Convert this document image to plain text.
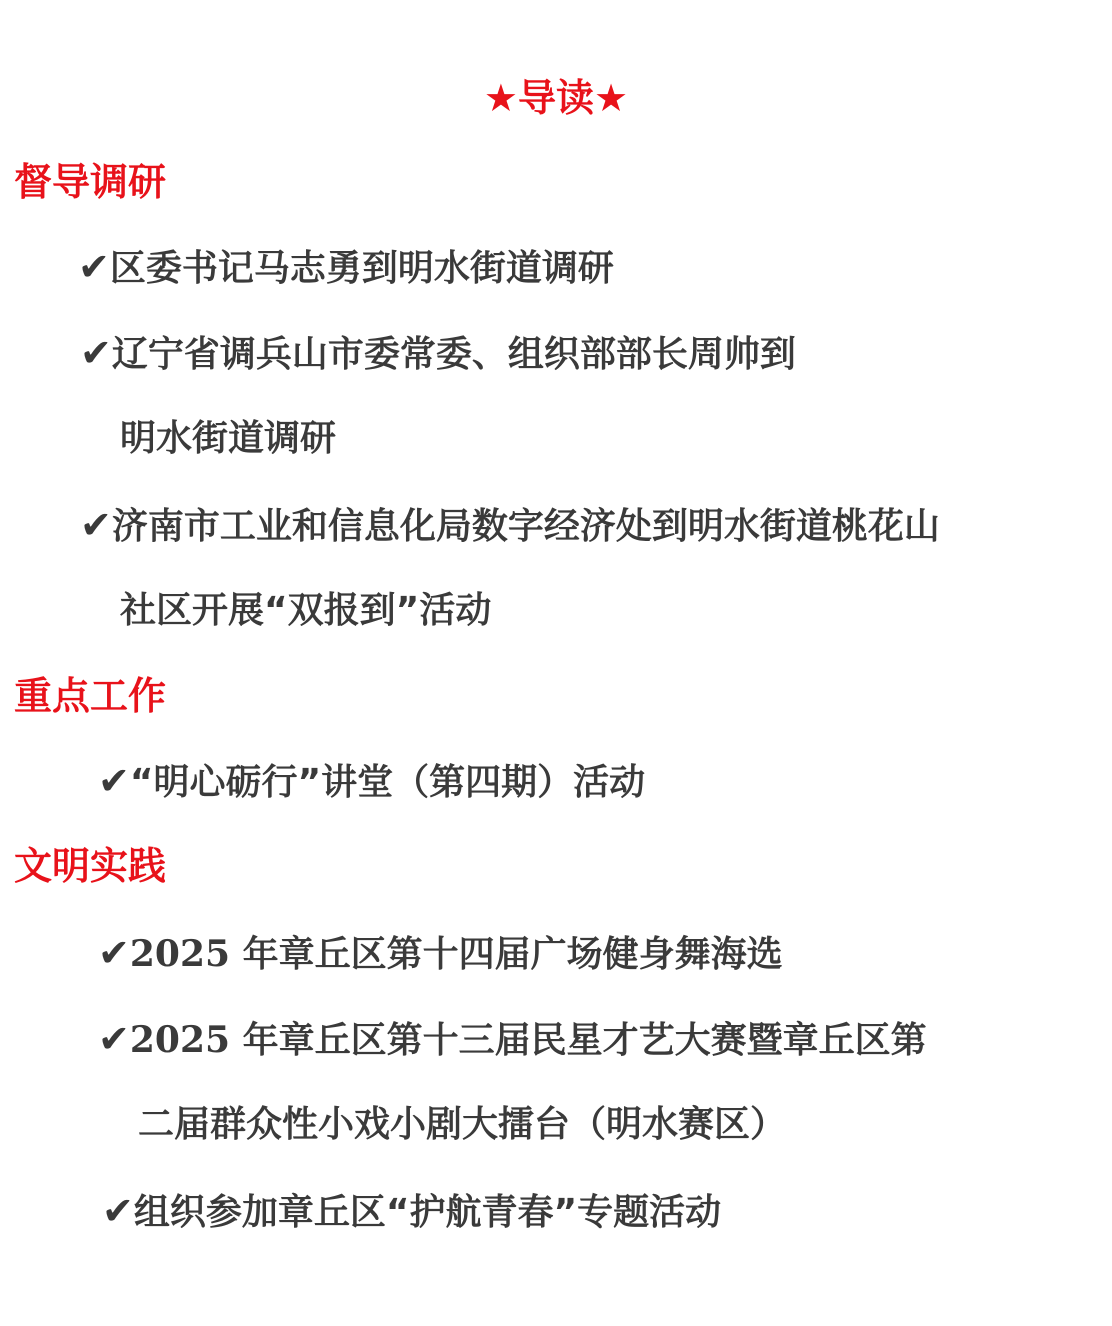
★导读★
督导调研
✔区委书记马志勇到明水街道调研
✔辽宁省调兵山市委常委、组织部部长周帅到
明水街道调研
✔济南市工业和信息化局数字经济处到明水街道桃花山
社区开展“双报到”活动
重点工作
✔“明心砺行”讲堂（第四期）活动
文明实践
✔2025 年章丘区第十四届广场健身舞海选
✔2025 年章丘区第十三届民星才艺大赛暨章丘区第
二届群众性小戏小剧大擂台（明水赛区）
✔组织参加章丘区“护航青春”专题活动
